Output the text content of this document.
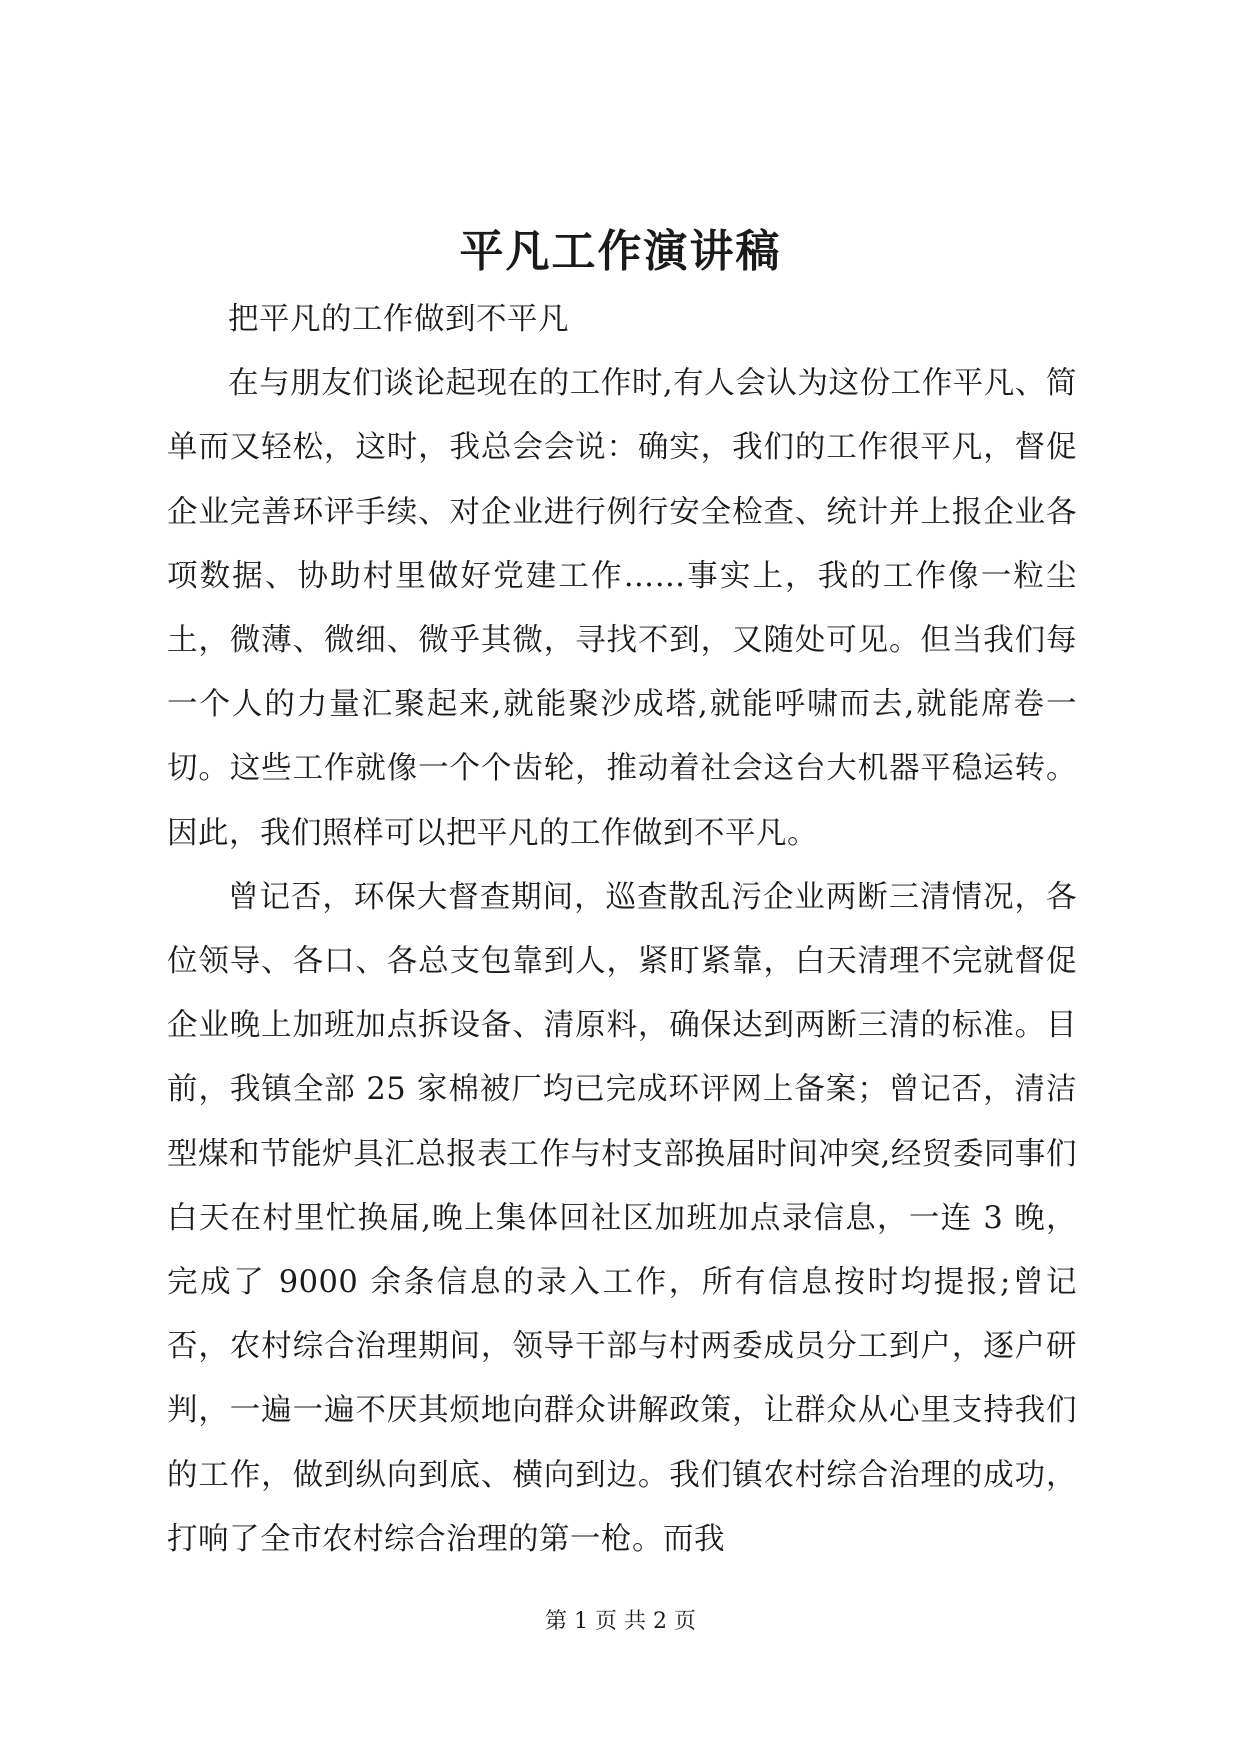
平凡工作演讲稿

把平凡的工作做到不平凡

在与朋友们谈论起现在的工作时,有人会认为这份工作平凡、简单而又轻松，这时，我总会会说：确实，我们的工作很平凡，督促企业完善环评手续、对企业进行例行安全检查、统计并上报企业各项数据、协助村里做好党建工作……事实上，我的工作像一粒尘土，微薄、微细、微乎其微，寻找不到，又随处可见。但当我们每一个人的力量汇聚起来,就能聚沙成塔,就能呼啸而去,就能席卷一切。这些工作就像一个个齿轮，推动着社会这台大机器平稳运转。因此，我们照样可以把平凡的工作做到不平凡。

曾记否，环保大督查期间，巡查散乱污企业两断三清情况，各位领导、各口、各总支包靠到人，紧盯紧靠，白天清理不完就督促企业晚上加班加点拆设备、清原料，确保达到两断三清的标准。目前，我镇全部 25 家棉被厂均已完成环评网上备案；曾记否，清洁型煤和节能炉具汇总报表工作与村支部换届时间冲突,经贸委同事们白天在村里忙换届,晚上集体回社区加班加点录信息，一连 3 晚，完成了 9000 余条信息的录入工作，所有信息按时均提报;曾记否，农村综合治理期间，领导干部与村两委成员分工到户，逐户研判，一遍一遍不厌其烦地向群众讲解政策，让群众从心里支持我们的工作，做到纵向到底、横向到边。我们镇农村综合治理的成功，打响了全市农村综合治理的第一枪。而我

第 1 页 共 2 页
